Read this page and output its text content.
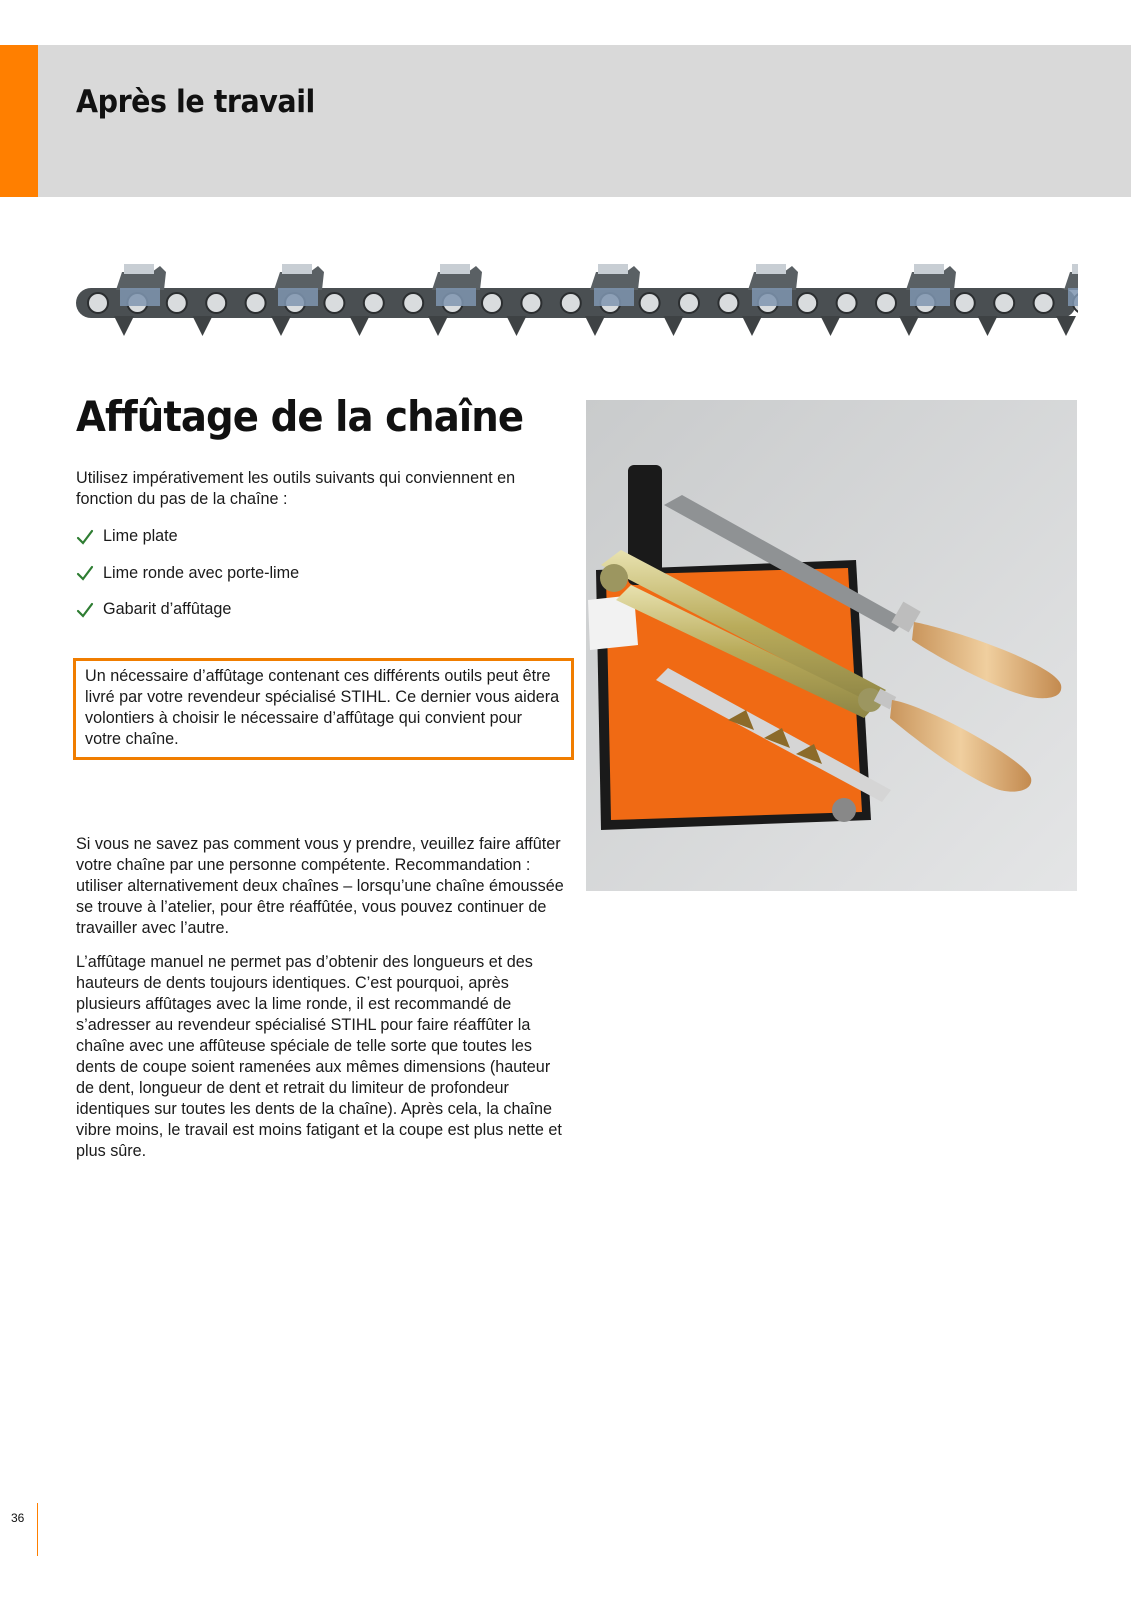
Après le travail
Affûtage de la chaîne

Utilisez impérativement les outils suivants qui conviennent en fonction du pas de la chaîne :

Lime plate
Lime ronde avec porte-lime
Gabarit d’affûtage

Un nécessaire d’affûtage contenant ces différents outils peut être livré par votre revendeur spécialisé STIHL. Ce dernier vous aidera volontiers à choisir le nécessaire d’affûtage qui convient pour votre chaîne.

Si vous ne savez pas comment vous y prendre, veuillez faire affûter votre chaîne par une personne compétente. Recommandation : utiliser alternativement deux chaînes – lorsqu’une chaîne émoussée se trouve à l’atelier, pour être réaffûtée, vous pouvez continuer de travailler avec l’autre.

L’affûtage manuel ne permet pas d’obtenir des longueurs et des hauteurs de dents toujours identiques. C’est pourquoi, après plusieurs affûtages avec la lime ronde, il est recommandé de s’adresser au revendeur spécialisé STIHL pour faire réaffûter la chaîne avec une affûteuse spéciale de telle sorte que toutes les dents de coupe soient ramenées aux mêmes dimensions (hauteur de dent, longueur de dent et retrait du limiteur de profondeur identiques sur toutes les dents de la chaîne). Après cela, la chaîne vibre moins, le travail est moins fatigant et la coupe est plus nette et plus sûre.

36
